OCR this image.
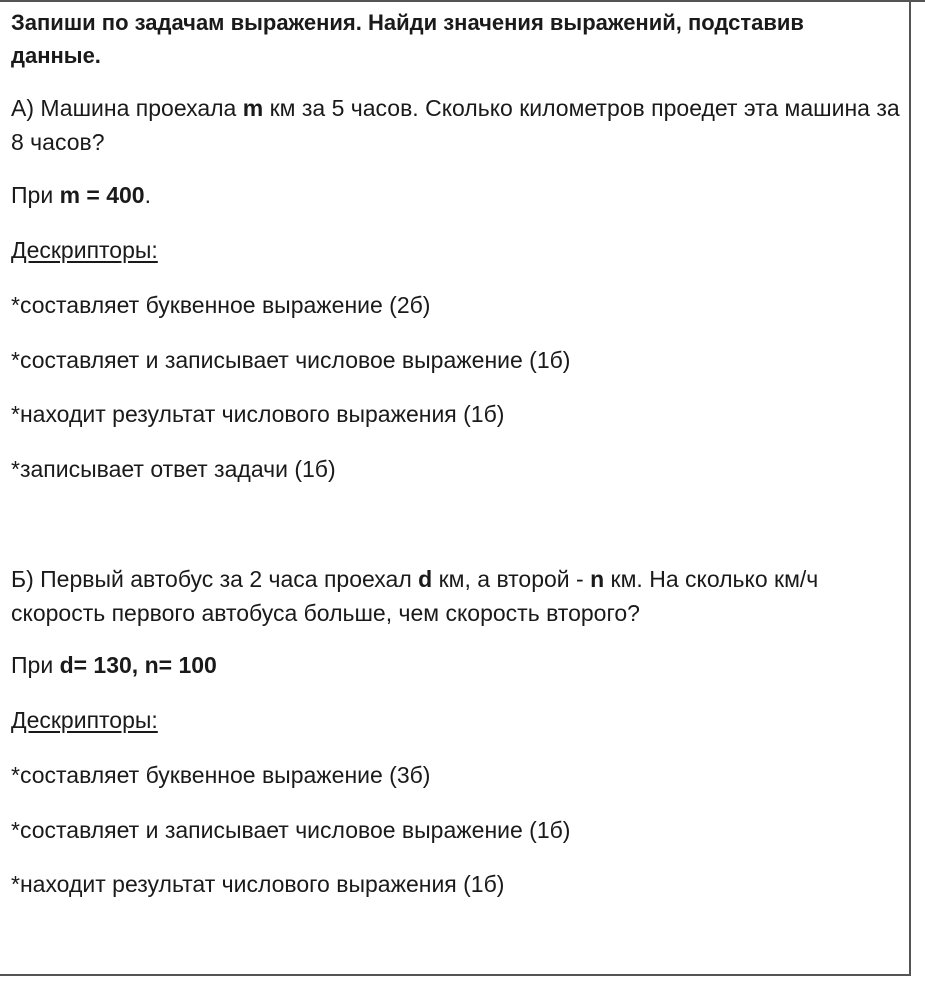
Запиши по задачам выражения. Найди значения выражений, подставив данные.
А) Машина проехала m км за 5 часов. Сколько километров проедет эта машина за 8 часов?
При m = 400.
Дескрипторы:
*составляет буквенное выражение (2б)
*составляет и записывает числовое выражение (1б)
*находит результат числового выражения (1б)
*записывает ответ задачи (1б)
Б) Первый автобус за 2 часа проехал d км, а второй - n км. На сколько км/ч скорость первого автобуса больше, чем скорость второго?
При d= 130, n= 100
Дескрипторы:
*составляет буквенное выражение (3б)
*составляет и записывает числовое выражение (1б)
*находит результат числового выражения (1б)
